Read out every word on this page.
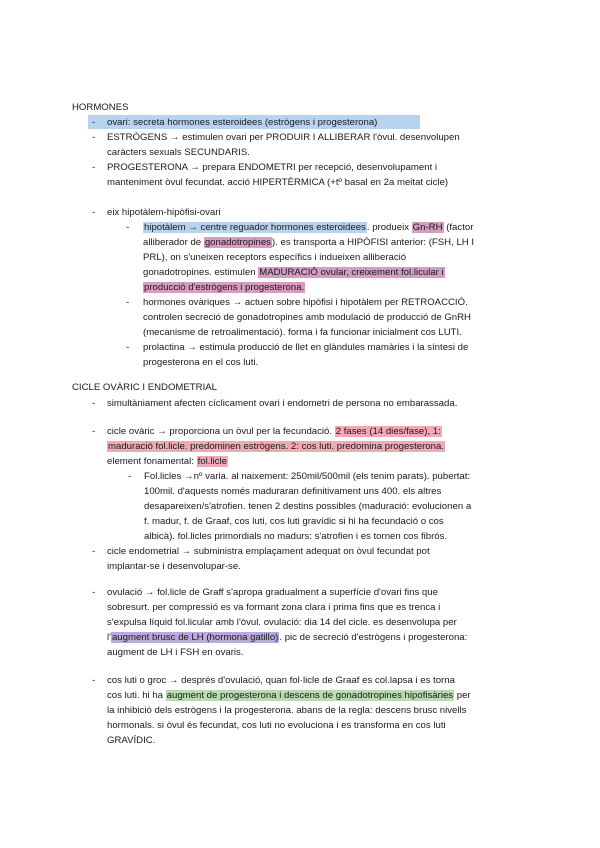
HORMONES
- ovari: secreta hormones esteroidees (estrògens i progesterona)
- ESTRÒGENS → estimulen ovari per PRODUIR I ALLIBERAR l'òvul. desenvolupen
caràcters sexuals SECUNDARIS.
- PROGESTERONA → prepara ENDOMETRI per recepció, desenvolupament i
manteniment òvul fecundat. acció HIPERTÈRMICA (+tº basal en 2a meitat cicle)
- eix hipotàlem-hipòfisi-ovari
- hipotàlem → centre reguador hormones esteroidees. produeix Gn-RH (factor
alliberador de gonadotropines). es transporta a HIPÒFISI anterior: (FSH, LH I
PRL), on s'uneixen receptors específics i indueixen alliberació
gonadotropines. estimulen MADURACIÓ ovular, creixement fol.licular i
producció d'estrògens i progesterona.
- hormones ovàriques → actuen sobre hipòfisi i hipotàlem per RETROACCIÓ.
controlen secreció de gonadotropines amb modulació de producció de GnRH
(mecanisme de retroalimentació). forma i fa funcionar inicialment cos LUTI.
- prolactina → estimula producció de llet en glàndules mamàries i la síntesi de
progesterona en el cos luti.
CICLE OVÀRIC I ENDOMETRIAL
- simultàniament afecten cíclicament ovari i endometri de persona no embarassada.
- cicle ovàric → proporciona un òvul per la fecundació. 2 fases (14 dies/fase), 1:
maduració fol.licle. predominen estrògens. 2: cos luti. predomina progesterona.
element fonamental: fol.licle
- Fol.licles →nº varia. al naixement: 250mil/500mil (els tenim parats). pubertat:
100mil. d'aquests només maduraran definitivament uns 400. els altres
desapareixen/s'atrofien. tenen 2 destins possibles (maduració: evolucionen a
f. madur, f. de Graaf, cos luti, cos luti gravídic si hi ha fecundació o cos
albicà). fol.licles primordials no madurs: s'atrofien i es tornen cos fibrós.
- cicle endometrial → subministra emplaçament adequat on òvul fecundat pot
implantar-se i desenvolupar-se.
- ovulació → fol.licle de Graff s'apropa gradualment a superfície d'ovari fins que
sobresurt. per compressió es va formant zona clara i prima fins que es trenca i
s'expulsa líquid fol.licular amb l'òvul. ovulació: dia 14 del cicle. es desenvolupa per
l'augment brusc de LH (hormona gatillo). pic de secreció d'estrògens i progesterona:
augment de LH i FSH en ovaris.
- cos luti o groc → després d'ovulació, quan fol·licle de Graaf es col.lapsa i es torna
cos luti. hi ha augment de progesterona i descens de gonadotropines hipofisàries per
la inhibició dels estrògens i la progesterona. abans de la regla: descens brusc nivells
hormonals. si òvul és fecundat, cos luti no evoluciona i es transforma en cos luti
GRAVÍDIC.
